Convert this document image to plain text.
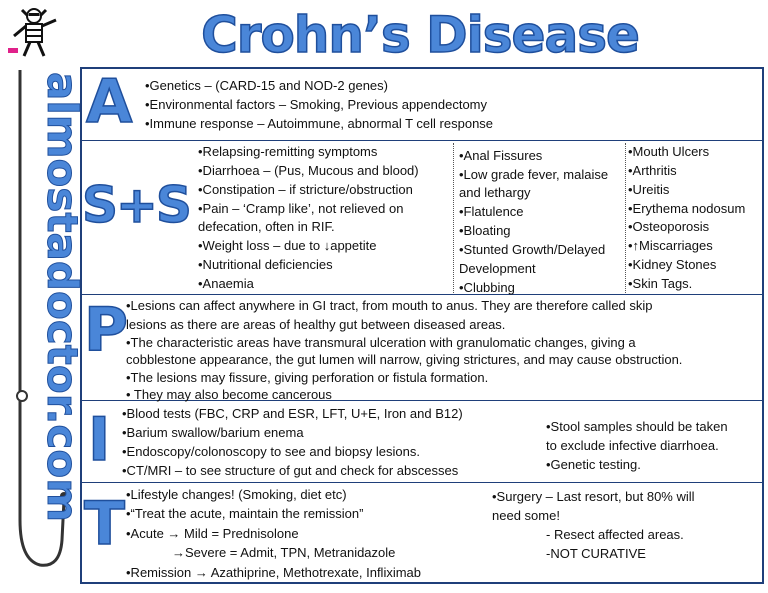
almostadoctor.com
Crohn’s Disease
A •Genetics – (CARD-15 and NOD-2 genes)
•Environmental factors – Smoking, Previous appendectomy
•Immune response – Autoimmune, abnormal T cell response
S+S
•Relapsing-remitting symptoms
•Diarrhoea – (Pus, Mucous and blood)
•Constipation – if stricture/obstruction
•Pain – ‘Cramp like’, not relieved on
defecation, often in RIF.
•Weight loss – due to ↓appetite
•Nutritional deficiencies
•Anaemia
•Anal Fissures
•Low grade fever, malaise
and lethargy
•Flatulence
•Bloating
•Stunted Growth/Delayed
Development
•Clubbing
•Mouth Ulcers
•Arthritis
•Ureitis
•Erythema nodosum
•Osteoporosis
•↑Miscarriages
•Kidney Stones
•Skin Tags.
P
•Lesions can affect anywhere in GI tract, from mouth to anus. They are therefore called skip
lesions as there are areas of healthy gut between diseased areas.
•The characteristic areas have transmural ulceration with granulomatic changes, giving a
cobblestone appearance, the gut lumen will narrow, giving strictures, and may cause obstruction.
•The lesions may fissure, giving perforation or fistula formation.
• They may also become cancerous
I •Blood tests (FBC, CRP and ESR, LFT, U+E, Iron and B12)
•Barium swallow/barium enema
•Endoscopy/colonoscopy to see and biopsy lesions.
•CT/MRI – to see structure of gut and check for abscesses
•Stool samples should be taken
to exclude infective diarrhoea.
•Genetic testing.
T •Lifestyle changes! (Smoking, diet etc)
•“Treat the acute, maintain the remission”
•Acute → Mild = Prednisolone
→Severe = Admit, TPN, Metranidazole
•Remission → Azathiprine, Methotrexate, Infliximab
•Surgery – Last resort, but 80% will
need some!
- Resect affected areas.
-NOT CURATIVE
